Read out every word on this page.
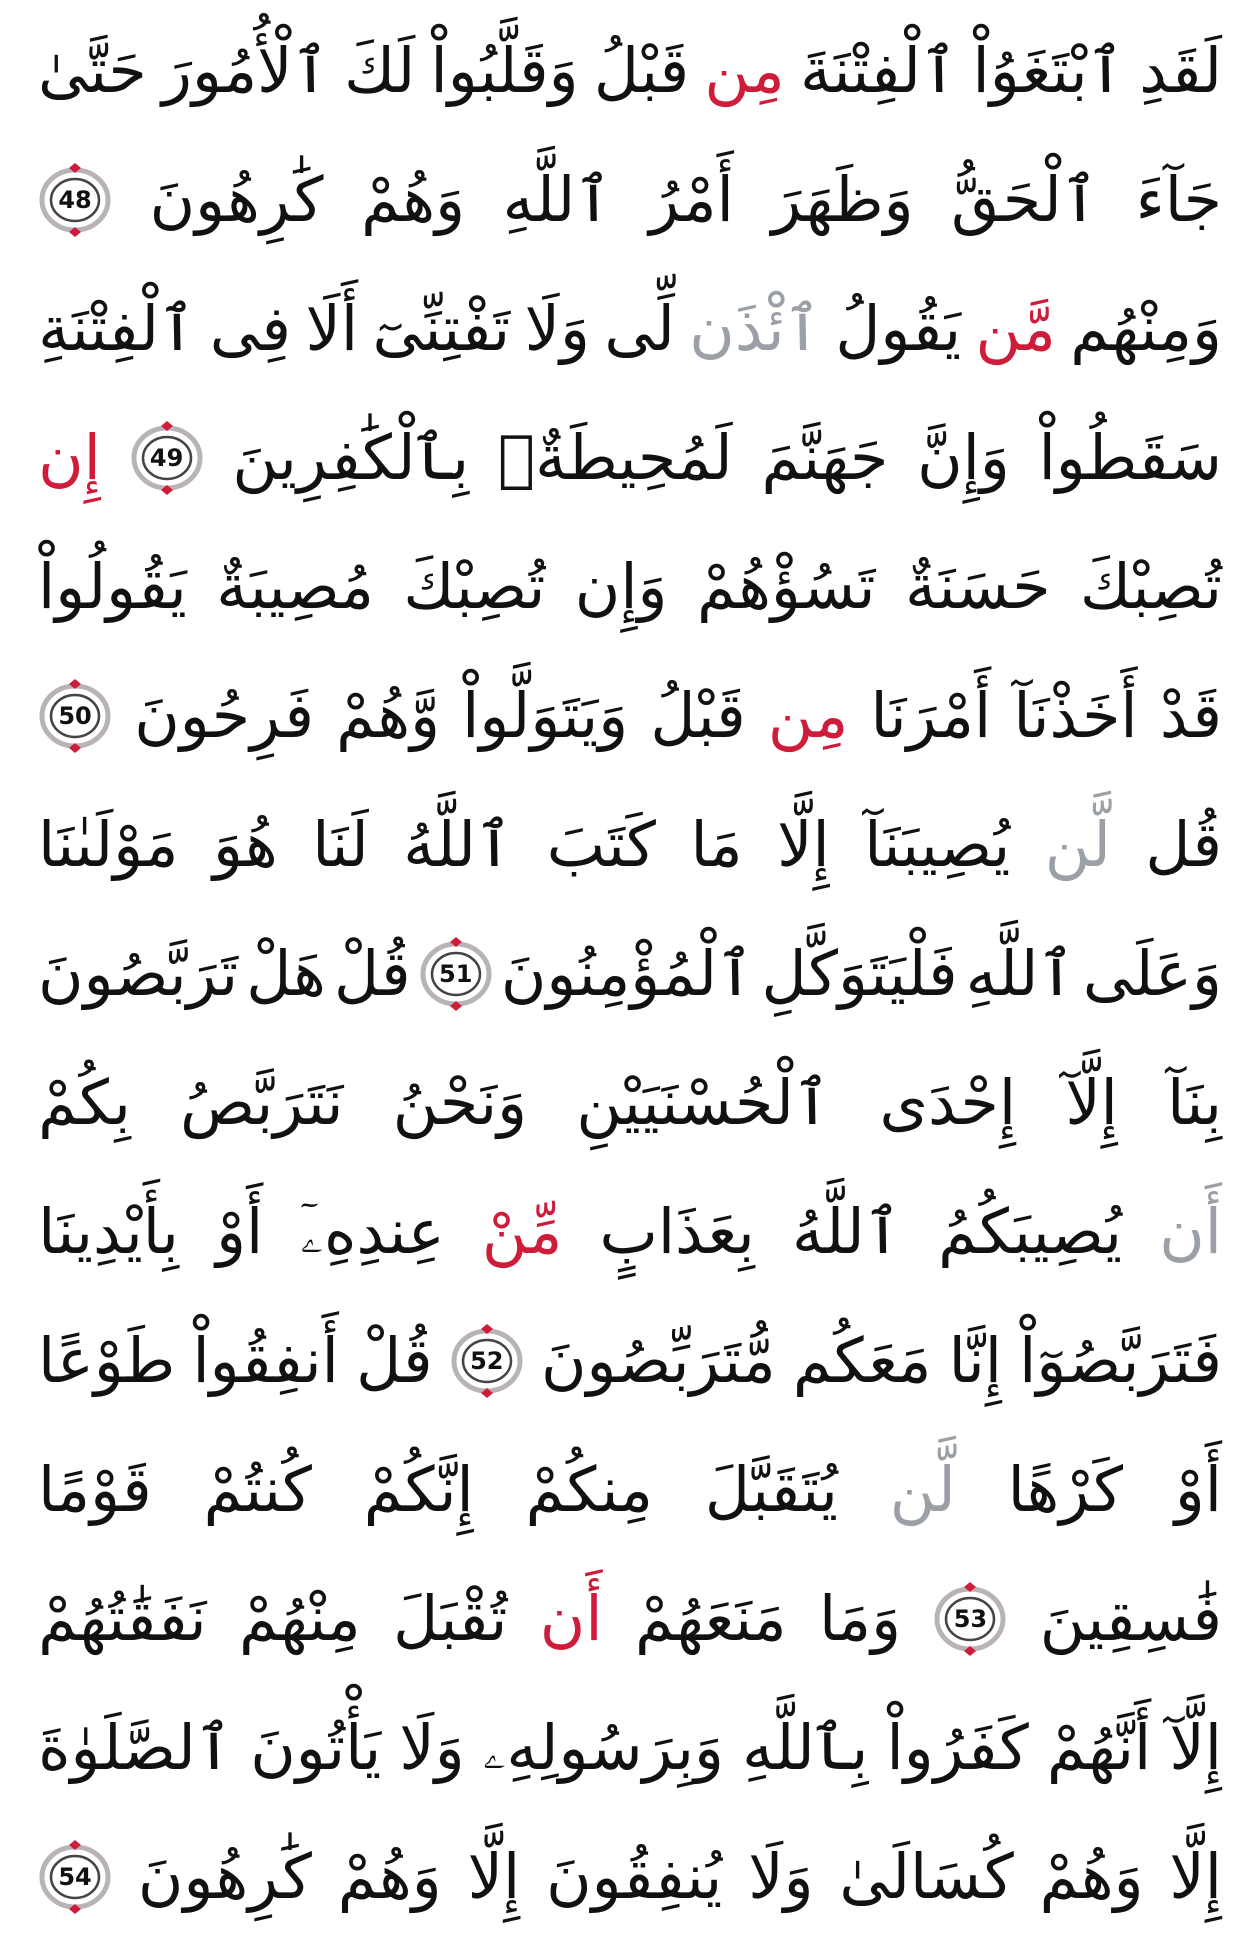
لَقَدِ
ٱبْتَغَوُاْ
ٱلْفِتْنَةَ
مِن
قَبْلُ
وَقَلَّبُواْ
لَكَ
ٱلْأُمُورَ
حَتَّىٰ
جَآءَ
ٱلْحَقُّ
وَظَهَرَ
أَمْرُ
ٱللَّهِ
وَهُمْ
كَٰرِهُونَ
48
وَمِنْهُم
مَّن
يَقُولُ
ٱئْذَن
لِّى
وَلَا
تَفْتِنِّىٓ
أَلَا
فِى
ٱلْفِتْنَةِ
سَقَطُواْ
وَإِنَّ
جَهَنَّمَ
لَمُحِيطَةٌۢ
بِٱلْكَٰفِرِينَ
49
إِن
تُصِبْكَ
حَسَنَةٌ
تَسُؤْهُمْ
وَإِن
تُصِبْكَ
مُصِيبَةٌ
يَقُولُواْ
قَدْ
أَخَذْنَآ
أَمْرَنَا
مِن
قَبْلُ
وَيَتَوَلَّواْ
وَّهُمْ
فَرِحُونَ
50
قُل
لَّن
يُصِيبَنَآ
إِلَّا
مَا
كَتَبَ
ٱللَّهُ
لَنَا
هُوَ
مَوْلَىٰنَا
وَعَلَى
ٱللَّهِ
فَلْيَتَوَكَّلِ
ٱلْمُؤْمِنُونَ
51
قُلْ
هَلْ
تَرَبَّصُونَ
بِنَآ
إِلَّآ
إِحْدَى
ٱلْحُسْنَيَيْنِ
وَنَحْنُ
نَتَرَبَّصُ
بِكُمْ
أَن
يُصِيبَكُمُ
ٱللَّهُ
بِعَذَابٍ
مِّنْ
عِندِهِۦٓ
أَوْ
بِأَيْدِينَا
فَتَرَبَّصُوٓاْ
إِنَّا
مَعَكُم
مُّتَرَبِّصُونَ
52
قُلْ
أَنفِقُواْ
طَوْعًا
أَوْ
كَرْهًا
لَّن
يُتَقَبَّلَ
مِنكُمْ
إِنَّكُمْ
كُنتُمْ
قَوْمًا
فَٰسِقِينَ
53
وَمَا
مَنَعَهُمْ
أَن
تُقْبَلَ
مِنْهُمْ
نَفَقَٰتُهُمْ
إِلَّآ
أَنَّهُمْ
كَفَرُواْ
بِٱللَّهِ
وَبِرَسُولِهِۦ
وَلَا
يَأْتُونَ
ٱلصَّلَوٰةَ
إِلَّا
وَهُمْ
كُسَالَىٰ
وَلَا
يُنفِقُونَ
إِلَّا
وَهُمْ
كَٰرِهُونَ
54
